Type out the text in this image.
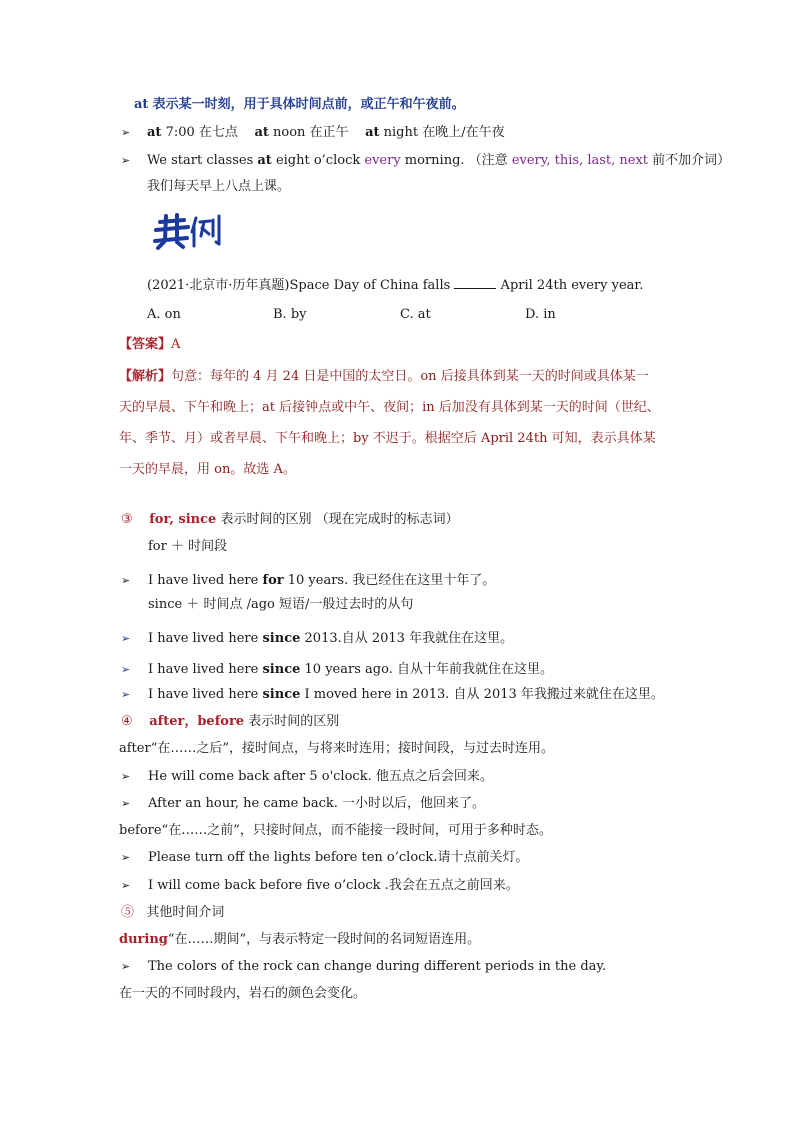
at 表示某一时刻，用于具体时间点前，或正午和午夜前。
➢ at 7:00 在七点 at noon 在正午 at night 在晚上/在午夜
➢ We start classes at eight o’clock every morning. （注意 every, this, last, next 前不加介词）
我们每天早上八点上课。
(2021·北京市·历年真题)Space Day of China falls	April 24th every year.
A. on	B. by	C. at	D. in
【答案】A
【解析】句意：每年的 4 月 24 日是中国的太空日。on 后接具体到某一天的时间或具体某一
天的早晨、下午和晚上；at 后接钟点或中午、夜间；in 后加没有具体到某一天的时间（世纪、
年、季节、月）或者早晨、下午和晚上；by 不迟于。根据空后 April 24th 可知，表示具体某
一天的早晨，用 on。故选 A。
③ for, since 表示时间的区别 （现在完成时的标志词）
for ＋ 时间段
➢ I have lived here for 10 years. 我已经住在这里十年了。
since ＋ 时间点 /ago 短语/一般过去时的从句
➢ I have lived here since 2013.自从 2013 年我就住在这里。
➢ I have lived here since 10 years ago. 自从十年前我就住在这里。
➢ I have lived here since I moved here in 2013. 自从 2013 年我搬过来就住在这里。
④ after，before 表示时间的区别
after“在……之后”，接时间点，与将来时连用；接时间段，与过去时连用。
➢ He will come back after 5 o'clock. 他五点之后会回来。
➢ After an hour, he came back. 一小时以后，他回来了。
before“在……之前”，只接时间点，而不能接一段时间，可用于多种时态。
➢ Please turn off the lights before ten o’clock.请十点前关灯。
➢ I will come back before five o’clock .我会在五点之前回来。
⑤   其他时间介词
during“在……期间”，与表示特定一段时间的名词短语连用。
➢ The colors of the rock can change during different periods in the day.
在一天的不同时段内，岩石的颜色会变化。
